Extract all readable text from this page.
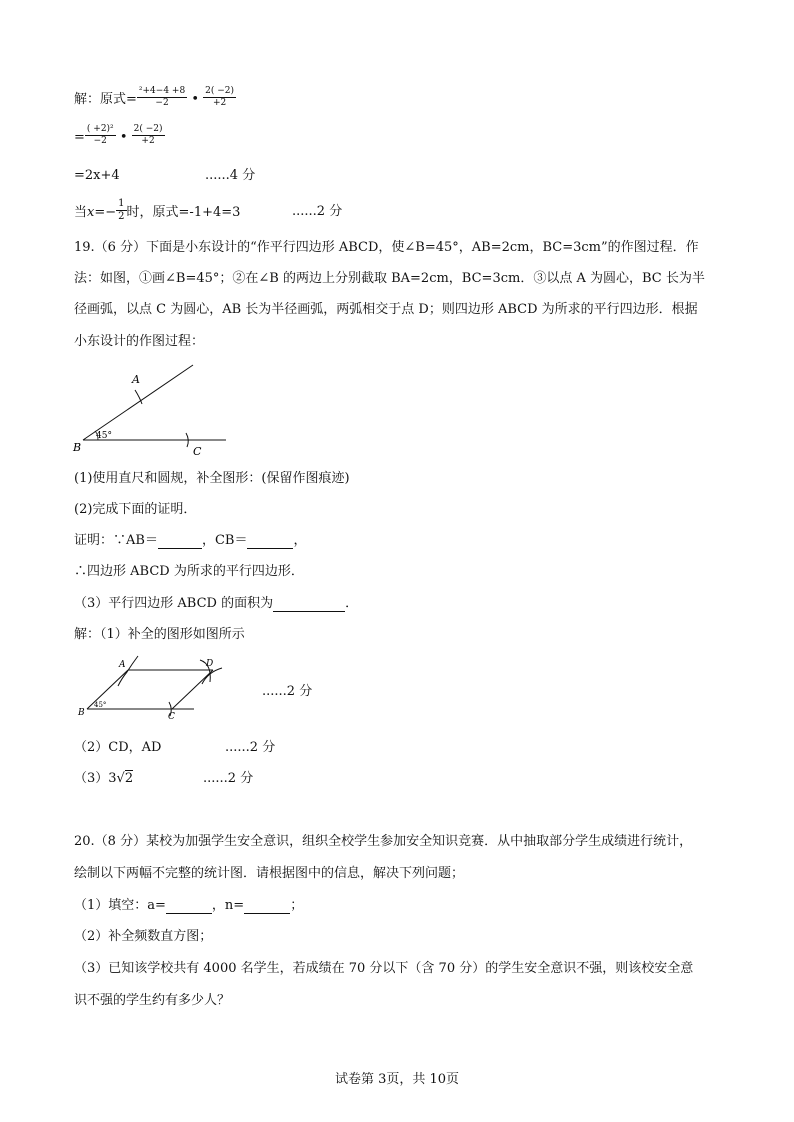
解：原式= $\frac{\text{²+4−4 +8}}{-2}$ • $\frac{2( -2)}{+2}$
= $\frac{\text{( +2)²}}{-2}$ • $\frac{2( -2)}{+2}$
=2x+4	......4 分
当$x=- \frac{1}{2}$ 时，原式=-1+4=3	......2 分
19.（6 分）下面是小东设计的“作平行四边形 ABCD，使∠B=45°，AB=2cm，BC=3cm”的作图过程．作
法：如图，①画∠B=45°；②在∠B 的两边上分别截取 BA=2cm，BC=3cm．③以点 A 为圆心，BC 长为半
径画弧，以点 C 为圆心，AB 长为半径画弧，两弧相交于点 D；则四边形 ABCD 为所求的平行四边形．根据
小东设计的作图过程：
A
B	C
45°
(1)使用直尺和圆规，补全图形：(保留作图痕迹)
(2)完成下面的证明．
证明：∵AB＝	，CB＝	，
∴四边形 ABCD 为所求的平行四边形．
（3）平行四边形 ABCD 的面积为	．
解：（1）补全的图形如图所示
A
B	C
D
45°
......2 分
（2）CD，AD	......2 分
（3）3√2	......2 分
20.（8 分）某校为加强学生安全意识，组织全校学生参加安全知识竞赛．从中抽取部分学生成绩进行统计，
绘制以下两幅不完整的统计图．请根据图中的信息，解决下列问题；
（1）填空：a=	，n=	；
（2）补全频数直方图；
（3）已知该学校共有 4000 名学生，若成绩在 70 分以下（含 70 分）的学生安全意识不强，则该校安全意
识不强的学生约有多少人？
试卷第 3页，共 10页
